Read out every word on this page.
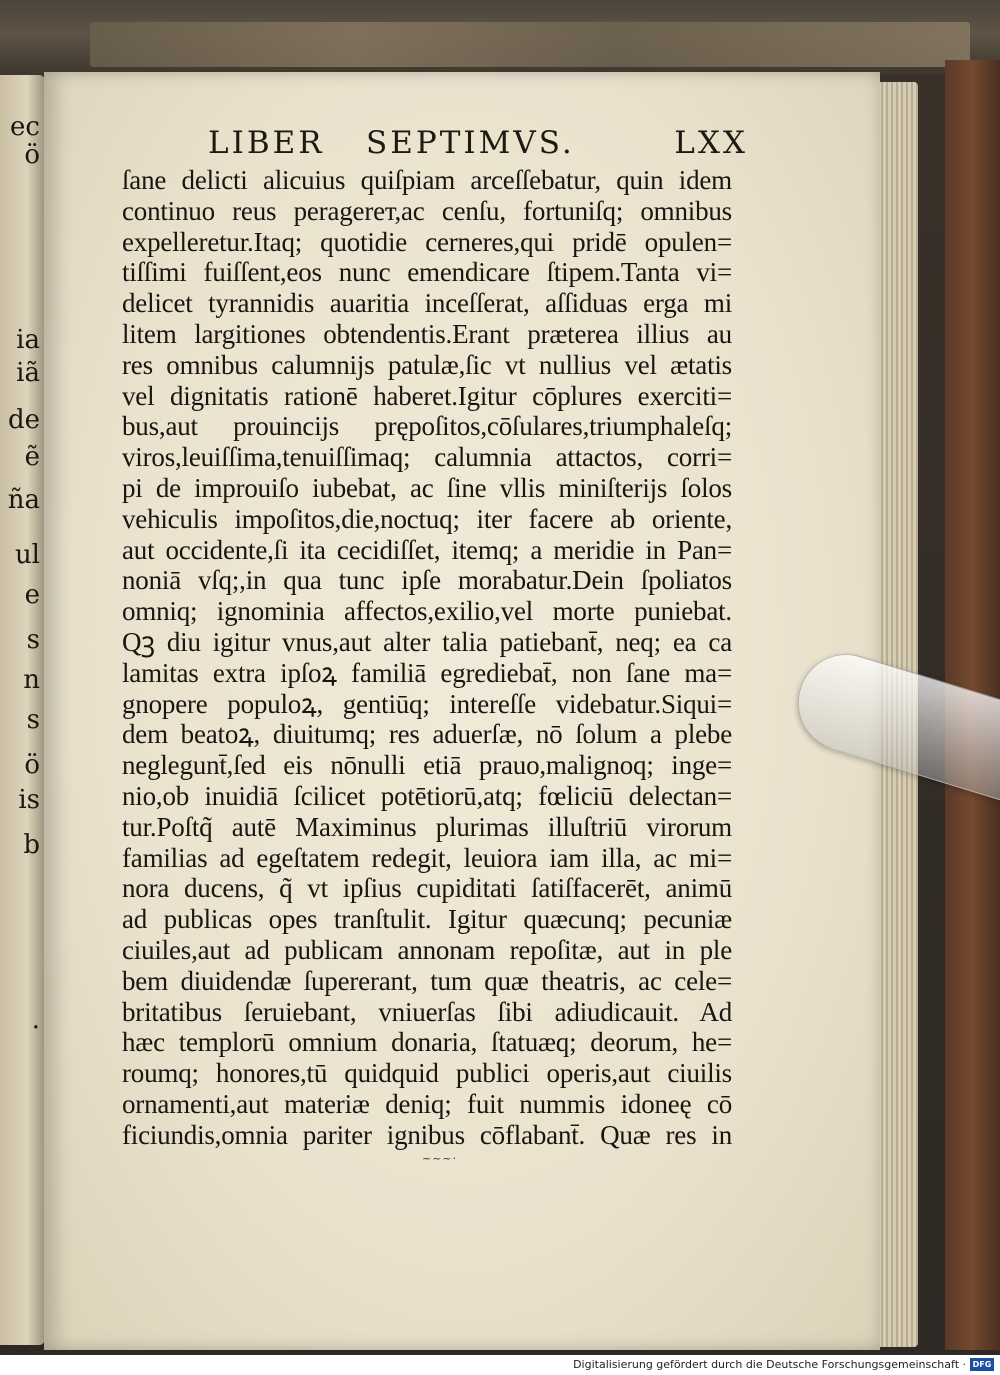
ec
ö
ia
iã
de
ẽ
ña
ul
e
s
n
s
ö
is
b
.
LIBER SEPTIMVS.	LXX
ſane delicti alicuius quiſpiam arceſſebatur, quin idem
continuo reus peragerет,ac cenſu, fortuniſq; omnibus
expelleretur.Itaq; quotidie cerneres,qui pridē opulen=
tiſſimi fuiſſent,eos nunc emendicare ſtipem.Tanta vi=
delicet tyrannidis auaritia inceſſerat, aſſiduas erga mi
litem largitiones obtendentis.Erant præterea illius au
res omnibus calumnijs patulæ,ſic vt nullius vel ætatis
vel dignitatis rationē haberet.Igitur cōplures exerciti=
bus,aut prouincijs prępoſitos,cōſulares,triumphaleſq;
viros,leuiſſima,tenuiſſimaq; calumnia attactos, corri=
pi de improuiſo iubebat, ac ſine vllis miniſterijs ſolos
vehiculis impoſitos,die,noctuq; iter facere ab oriente,
aut occidente,ſi ita cecidiſſet, itemq; a meridie in Pan=
noniā vſq;,in qua tunc ipſe morabatur.Dein ſpoliatos
omniq; ignominia affectos,exilio,vel morte puniebat.
Qꝫ diu igitur vnus,aut alter talia patiebant̄, neq; ea ca
lamitas extra ipſoꝝ familiā egrediebat̄, non ſane ma=
gnopere populoꝝ, gentiūq; intereſſe videbatur.Siqui=
dem beatoꝝ, diuitumq; res aduerſæ, nō ſolum a plebe
neglegunt̄,ſed eis nōnulli etiā prauo,malignoq; inge=
nio,ob inuidiā ſcilicet potētiorū,atq; fœliciū delectan=
tur.Poſtq̃ autē Maximinus plurimas illuſtriū virorum
familias ad egeſtatem redegit, leuiora iam illa, ac mi=
nora ducens, q̃ vt ipſius cupiditati ſatiſfacerēt, animū
ad publicas opes tranſtulit. Igitur quæcunq; pecuniæ
ciuiles,aut ad publicam annonam repoſitæ, aut in ple
bem diuidendæ ſupererant, tum quæ theatris, ac cele=
britatibus ſeruiebant, vniuerſas ſibi adiudicauit. Ad
hæc templorū omnium donaria, ſtatuæq; deorum, he=
roumq; honores,tū quidquid publici operis,aut ciuilis
ornamenti,aut materiæ deniq; fuit nummis idoneę cō
ficiundis,omnia pariter ignibus cōflabant̄. Quæ res in
~~~·
Digitalisierung gefördert durch die Deutsche Forschungsgemeinschaft · DFG
